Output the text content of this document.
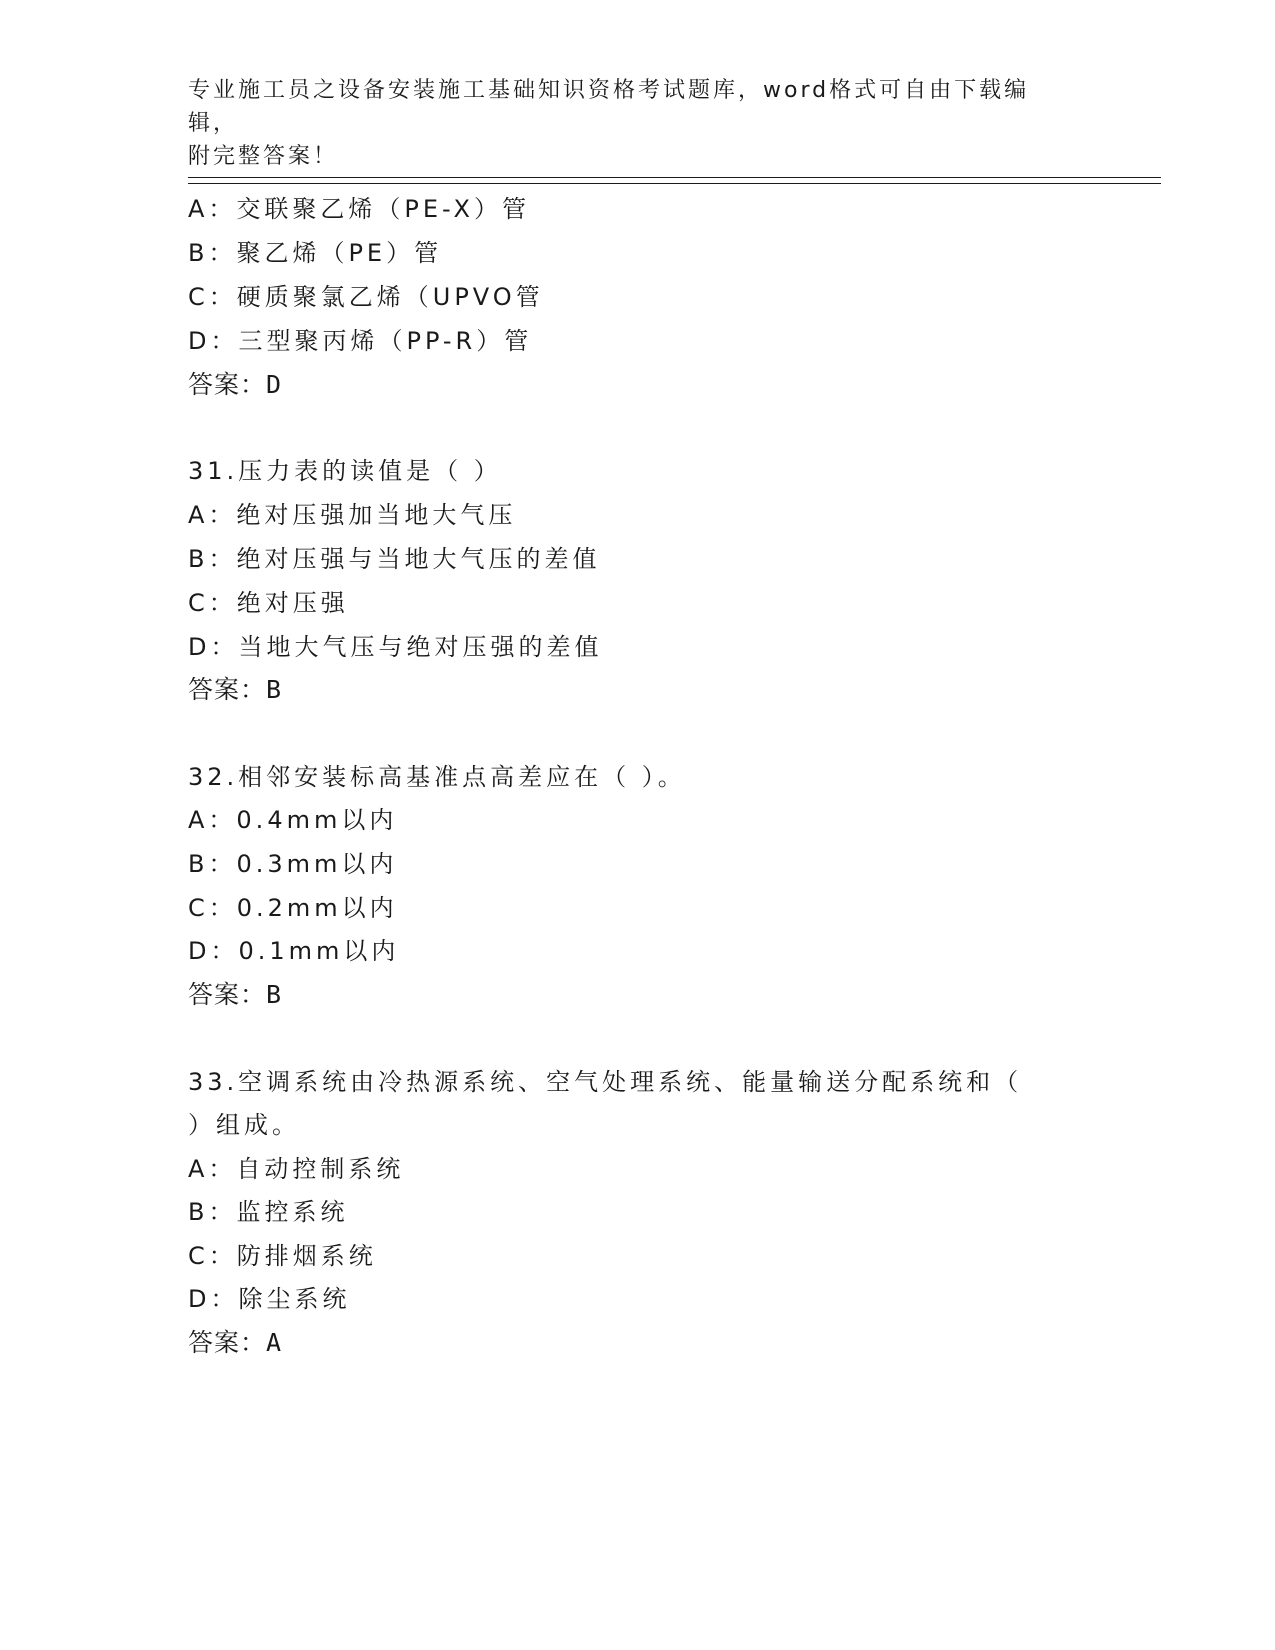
专业施工员之设备安装施工基础知识资格考试题库，word格式可自由下载编辑，
附完整答案！
A：交联聚乙烯（PE-X）管
B：聚乙烯（PE）管
C：硬质聚氯乙烯（UPVO管
D：三型聚丙烯（PP-R）管
答案：D
31.压力表的读值是（ ）
A：绝对压强加当地大气压
B：绝对压强与当地大气压的差值
C：绝对压强
D：当地大气压与绝对压强的差值
答案：B
32.相邻安装标高基准点高差应在（ ）。
A：0.4mm以内
B：0.3mm以内
C：0.2mm以内
D：0.1mm以内
答案：B
33.空调系统由冷热源系统、空气处理系统、能量输送分配系统和（
）组成。
A：自动控制系统
B：监控系统
C：防排烟系统
D：除尘系统
答案：A
